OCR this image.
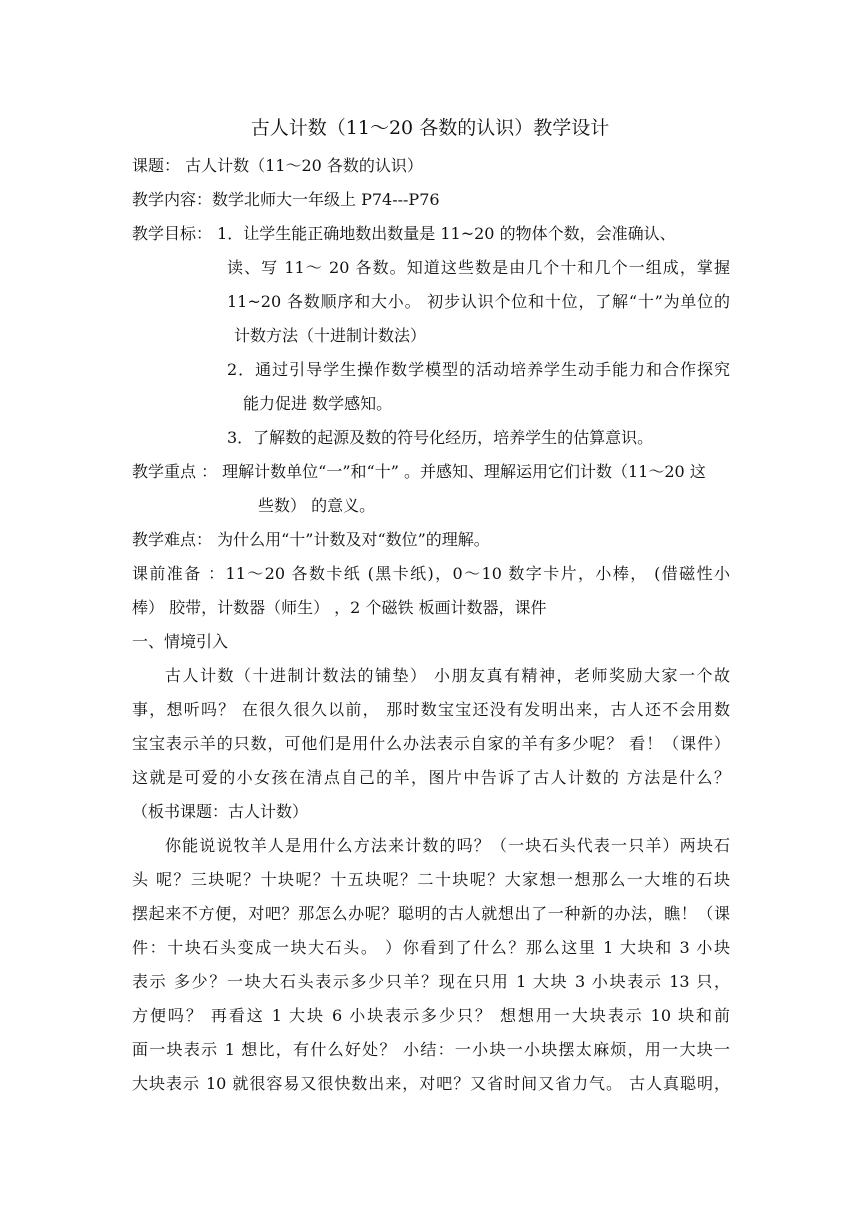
古人计数（11～20 各数的认识）教学设计
课题： 古人计数（11～20 各数的认识）
教学内容：数学北师大一年级上 P74---P76
教学目标： 1．让学生能正确地数出数量是 11~20 的物体个数，会准确认、
读、写 11～ 20 各数。知道这些数是由几个十和几个一组成，掌握
11~20 各数顺序和大小。 初步认识个位和十位，了解“十”为单位的
计数方法（十进制计数法）
2．通过引导学生操作数学模型的活动培养学生动手能力和合作探究
能力促进 数学感知。
3．了解数的起源及数的符号化经历，培养学生的估算意识。
教学重点 ： 理解计数单位“一”和“十” 。并感知、理解运用它们计数（11～20 这
些数） 的意义。
教学难点： 为什么用“十”计数及对“数位”的理解。
课前准备 ：11～20 各数卡纸 (黑卡纸)，0～10 数字卡片，小棒， (借磁性小
棒） 胶带，计数器（师生） ，2 个磁铁 板画计数器，课件
一、情境引入
古人计数（十进制计数法的铺垫） 小朋友真有精神，老师奖励大家一个故
事，想听吗？ 在很久很久以前， 那时数宝宝还没有发明出来，古人还不会用数
宝宝表示羊的只数，可他们是用什么办法表示自家的羊有多少呢？ 看！（课件）
这就是可爱的小女孩在清点自己的羊，图片中告诉了古人计数的 方法是什么？
（板书课题：古人计数）
你能说说牧羊人是用什么方法来计数的吗？（一块石头代表一只羊）两块石
头 呢？三块呢？十块呢？十五块呢？二十块呢？大家想一想那么一大堆的石块
摆起来不方便，对吧？那怎么办呢？聪明的古人就想出了一种新的办法，瞧！（课
件：十块石头变成一块大石头。 ）你看到了什么？那么这里 1 大块和 3 小块
表示 多少？一块大石头表示多少只羊？现在只用 1 大块 3 小块表示 13 只，
方便吗？ 再看这 1 大块 6 小块表示多少只？ 想想用一大块表示 10 块和前
面一块表示 1 想比，有什么好处？ 小结：一小块一小块摆太麻烦，用一大块一
大块表示 10 就很容易又很快数出来，对吧？又省时间又省力气。 古人真聪明，
